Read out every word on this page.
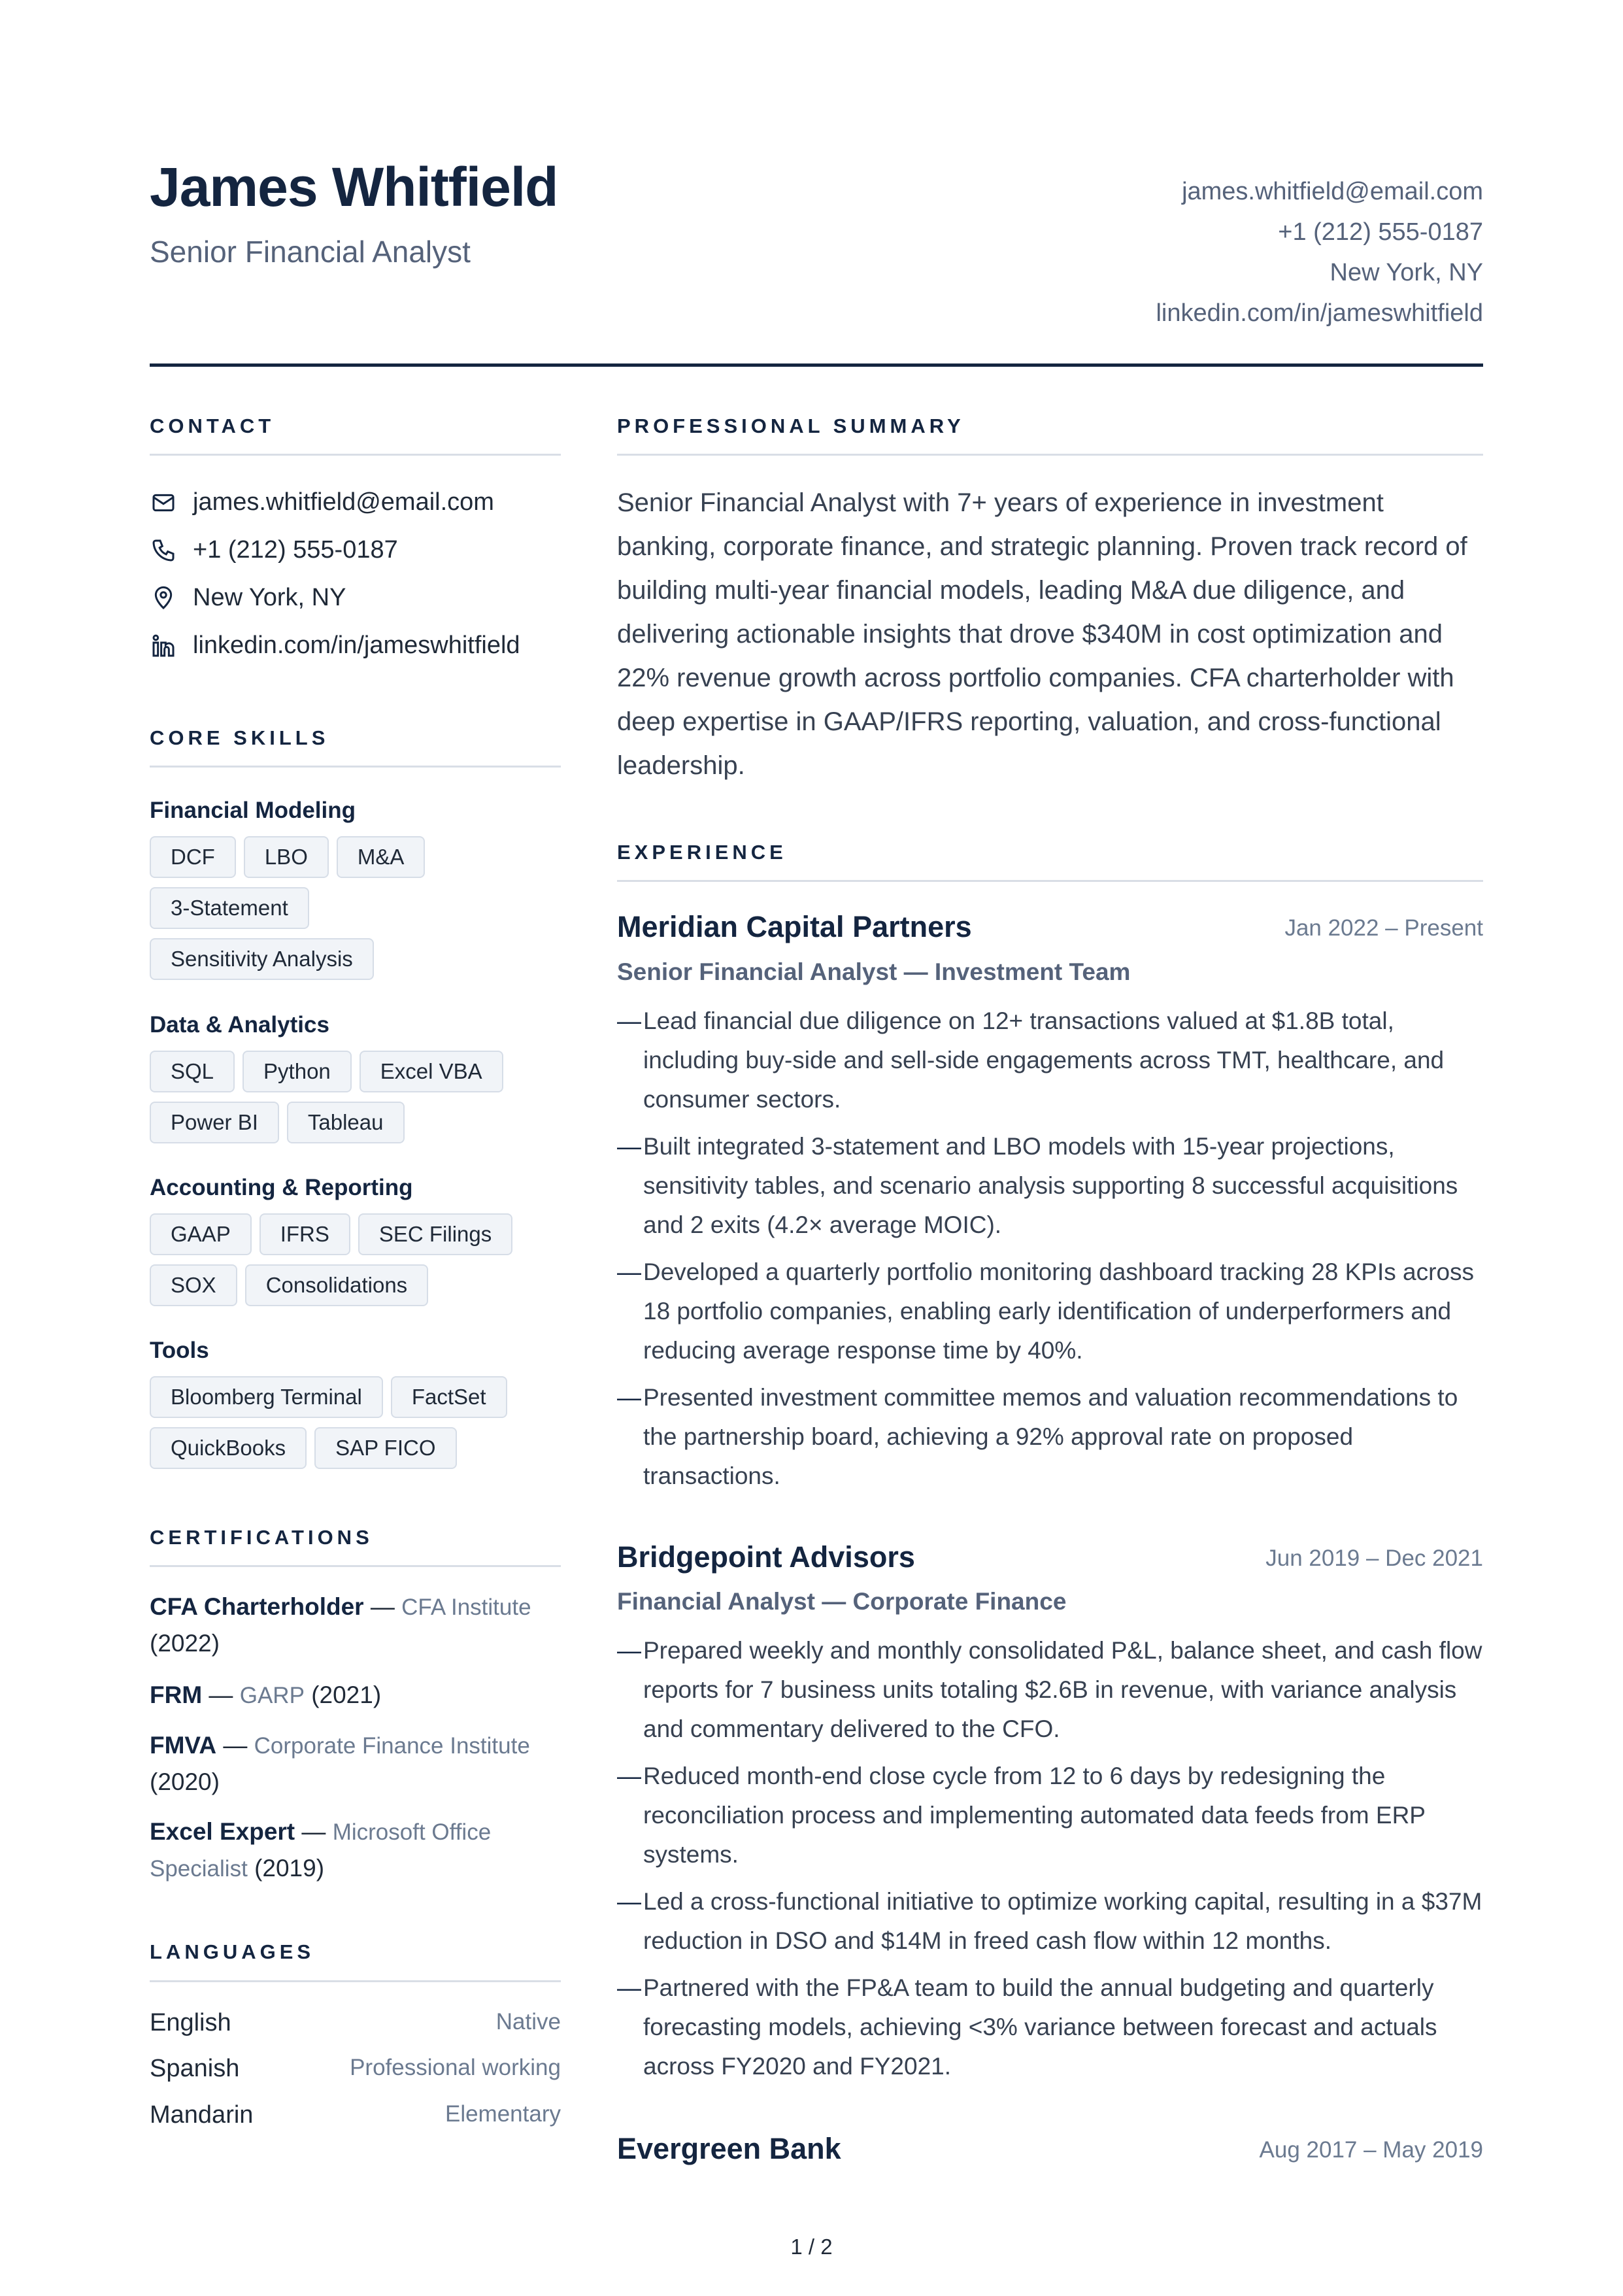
James Whitfield
Senior Financial Analyst
james.whitfield@email.com
+1 (212) 555-0187
New York, NY
linkedin.com/in/jameswhitfield
CONTACT
james.whitfield@email.com
+1 (212) 555-0187
New York, NY
linkedin.com/in/jameswhitfield
CORE SKILLS
Financial Modeling
DCF	LBO	M&A
3-Statement
Sensitivity Analysis
Data & Analytics
SQL	Python	Excel VBA
Power BI	Tableau
Accounting & Reporting
GAAP	IFRS	SEC Filings
SOX	Consolidations
Tools
Bloomberg Terminal	FactSet
QuickBooks	SAP FICO
CERTIFICATIONS
CFA Charterholder — CFA Institute
(2022)
FRM — GARP (2021)
FMVA — Corporate Finance Institute
(2020)
Excel Expert — Microsoft Office Specialist (2019)
LANGUAGES
English	Native
Spanish	Professional working
Mandarin	Elementary
PROFESSIONAL SUMMARY
Senior Financial Analyst with 7+ years of experience in investment banking, corporate finance, and strategic planning. Proven track record of building multi-year financial models, leading M&A due diligence, and delivering actionable insights that drove $340M in cost optimization and 22% revenue growth across portfolio companies. CFA charterholder with deep expertise in GAAP/IFRS reporting, valuation, and cross-functional leadership.
EXPERIENCE
Meridian Capital Partners	Jan 2022 – Present
Senior Financial Analyst — Investment Team
— Lead financial due diligence on 12+ transactions valued at $1.8B total, including buy-side and sell-side engagements across TMT, healthcare, and consumer sectors.
— Built integrated 3-statement and LBO models with 15-year projections, sensitivity tables, and scenario analysis supporting 8 successful acquisitions and 2 exits (4.2× average MOIC).
— Developed a quarterly portfolio monitoring dashboard tracking 28 KPIs across 18 portfolio companies, enabling early identification of underperformers and reducing average response time by 40%.
— Presented investment committee memos and valuation recommendations to the partnership board, achieving a 92% approval rate on proposed transactions.
Bridgepoint Advisors	Jun 2019 – Dec 2021
Financial Analyst — Corporate Finance
— Prepared weekly and monthly consolidated P&L, balance sheet, and cash flow reports for 7 business units totaling $2.6B in revenue, with variance analysis and commentary delivered to the CFO.
— Reduced month-end close cycle from 12 to 6 days by redesigning the reconciliation process and implementing automated data feeds from ERP systems.
— Led a cross-functional initiative to optimize working capital, resulting in a $37M reduction in DSO and $14M in freed cash flow within 12 months.
— Partnered with the FP&A team to build the annual budgeting and quarterly forecasting models, achieving <3% variance between forecast and actuals across FY2020 and FY2021.
Evergreen Bank	Aug 2017 – May 2019
1 / 2
